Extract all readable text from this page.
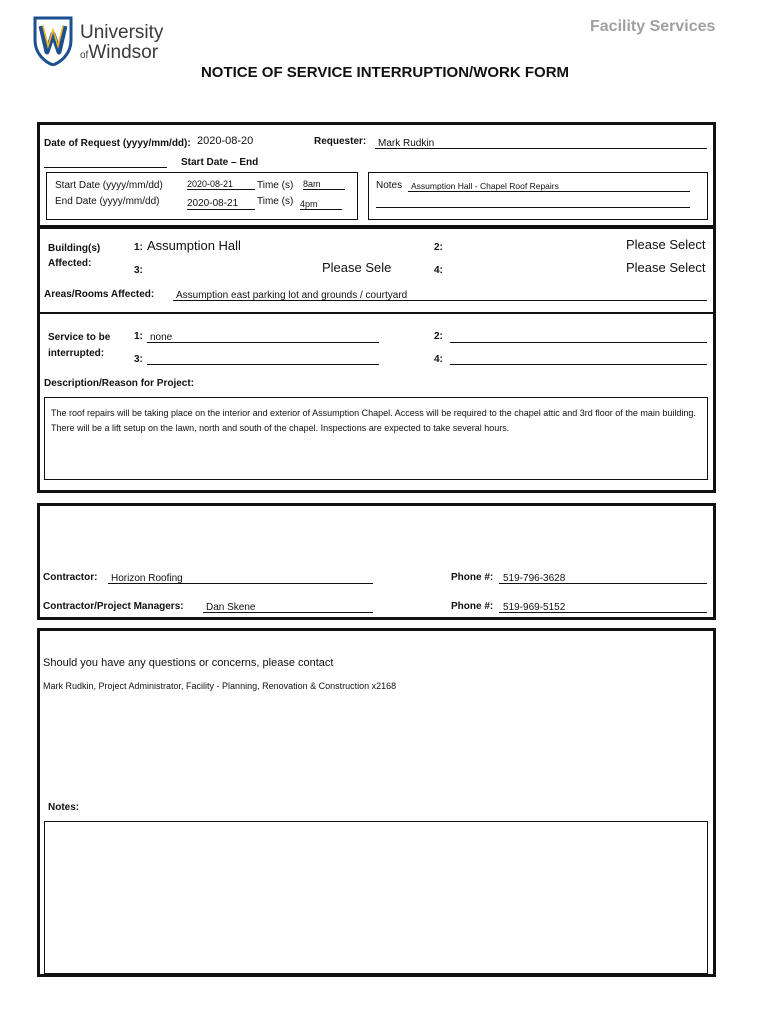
University
ofWindsor
Facility Services
NOTICE OF SERVICE INTERRUPTION/WORK FORM
Date of Request (yyyy/mm/dd): 2020-08-20	Requester: Mark Rudkin
Start Date – End
Start Date (yyyy/mm/dd)	2020-08-21	Time (s) 8am
End Date (yyyy/mm/dd)	2020-08-21	Time (s) 4pm
Notes Assumption Hall - Chapel Roof Repairs
Building(s)
Affected:
1: Assumption Hall	2:	Please Select
3:	Please Sele	4:	Please Select
Areas/Rooms Affected: Assumption east parking lot and grounds / courtyard
Service to be
interrupted:
1: none	2:
3:	4:
Description/Reason for Project:
The roof repairs will be taking place on the interior and exterior of Assumption Chapel. Access will be required to the chapel attic and 3rd floor of the main building. There will be a lift setup on the lawn, north and south of the chapel. Inspections are expected to take several hours.
Contractor: Horizon Roofing	Phone #: 519-796-3628
Contractor/Project Managers: Dan Skene	Phone #: 519-969-5152
Should you have any questions or concerns, please contact
Mark Rudkin, Project Administrator, Facility - Planning, Renovation & Construction x2168
Notes:
